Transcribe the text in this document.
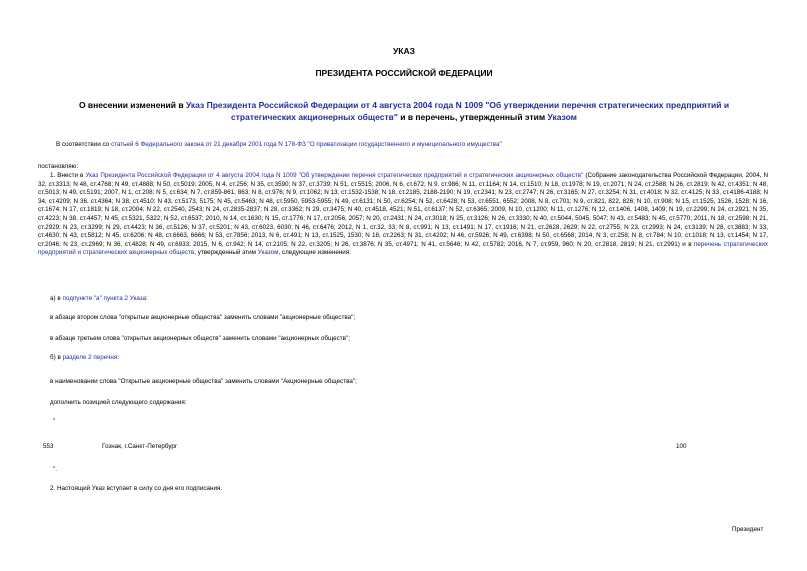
УКАЗ
ПРЕЗИДЕНТА РОССИЙСКОЙ ФЕДЕРАЦИИ
О внесении изменений в Указ Президента Российской Федерации от 4 августа 2004 года N 1009 "Об утверждении перечня стратегических предприятий и стратегических акционерных обществ" и в перечень, утвержденный этим Указом
В соответствии со статьей 6 Федерального закона от 21 декабря 2001 года N 178-ФЗ "О приватизации государственного и муниципального имущества"
постановляю:
1. Внести в Указ Президента Российской Федерации от 4 августа 2004 года N 1009 "Об утверждении перечня стратегических предприятий и стратегических акционерных обществ" (Собрание законодательства Российской Федерации, 2004, N 32, ст.3313; N 48, ст.4768; N 49, ст.4888; N 50, ст.5019; 2005, N 4, ст.256; N 35, ст.3590; N 37, ст.3739; N 51, ст.5515; 2006, N 6, ст.672; N 9, ст.986; N 11, ст.1164; N 14, ст.1510; N 18, ст.1978; N 19, ст.2071; N 24, ст.2588; N 26, ст.2819; N 42, ст.4351; N 48, ст.5013; N 49, ст.5191; 2007, N 1, ст.208; N 5, ст.634; N 7, ст.859-861, 863; N 8, ст.976; N 9, ст.1062; N 13, ст.1532-1538; N 18, ст.2185, 2188-2190; N 19, ст.2341; N 23, ст.2747; N 26, ст.3165; N 27, ст.3254; N 31, ст.4018; N 32, ст.4125; N 33, ст.4186-4188; N 34, ст.4209; N 36, ст.4364; N 38, ст.4510; N 43, ст.5173, 5175; N 45, ст.5463; N 48, ст.5950, 5953-5955; N 49, ст.6131; N 50, ст.6254; N 52, ст.6428; N 53, ст.6551, 6552; 2008, N 8, ст.701; N 9, ст.821, 822, 826; N 10, ст.908; N 15, ст.1525, 1526, 1528; N 16, ст.1674; N 17, ст.1819; N 18, ст.2004; N 22, ст.2540, 2543; N 24, ст.2835-2837; N 28, ст.3362; N 29, ст.3475; N 40, ст.4518, 4521; N 51, ст.6137; N 52, ст.6365; 2009, N 10, ст.1200; N 11, ст.1276; N 12, ст.1406, 1408, 1409; N 19, ст.2299; N 24, ст.2921; N 35, ст.4223; N 38, ст.4457; N 45, ст.5321, 5322; N 52, ст.6537; 2010, N 14, ст.1630; N 15, ст.1776; N 17, ст.2056, 2057; N 20, ст.2431; N 24, ст.3018; N 25, ст.3126; N 26, ст.3330; N 40, ст.5044, 5045, 5047; N 43, ст.5483; N 45, ст.5770; 2011, N 18, ст.2598; N 21, ст.2929; N 23, ст.3299; N 29, ст.4423; N 36, ст.5126; N 37, ст.5201; N 43, ст.6023, 6030; N 46, ст.6476; 2012, N 1, ст.32, 33; N 8, ст.991; N 13, ст.1491; N 17, ст.1916; N 21, ст.2628, 2629; N 22, ст.2755; N 23, ст.2993; N 24, ст.3139; N 28, ст.3883; N 33, ст.4630; N 43, ст.5812; N 45, ст.6206; N 48, ст.6663, 6666; N 53, ст.7856; 2013, N 6, ст.491; N 13, ст.1525, 1530; N 18, ст.2263; N 31, ст.4202; N 46, ст.5926; N 49, ст.6398; N 50, ст.6568; 2014, N 3, ст.258; N 8, ст.784; N 10, ст.1018; N 13, ст.1454; N 17, ст.2046; N 23, ст.2969; N 36, ст.4828; N 49, ст.6933; 2015, N 6, ст.942; N 14, ст.2105; N 22, ст.3205; N 26, ст.3876; N 35, ст.4971; N 41, ст.5646; N 42, ст.5782; 2016, N 7, ст.959, 960; N 20, ст.2818, 2819; N 21, ст.2991) и в перечень стратегических предприятий и стратегических акционерных обществ, утвержденный этим Указом, следующие изменения:
а) в подпункте "а" пункта 2 Указа:
в абзаце втором слова "открытые акционерные общества" заменить словами "акционерные общества";
в абзаце третьем слова "открытых акционерных обществ" заменить словами "акционерных обществ";
б) в разделе 2 перечня:
в наименовании слова "Открытые акционерные общества" заменить словами "Акционерные общества";
дополнить позицией следующего содержания:
"
553	Гознак, г.Санкт-Петербург	100
".
2. Настоящий Указ вступает в силу со дня его подписания.
Президент
